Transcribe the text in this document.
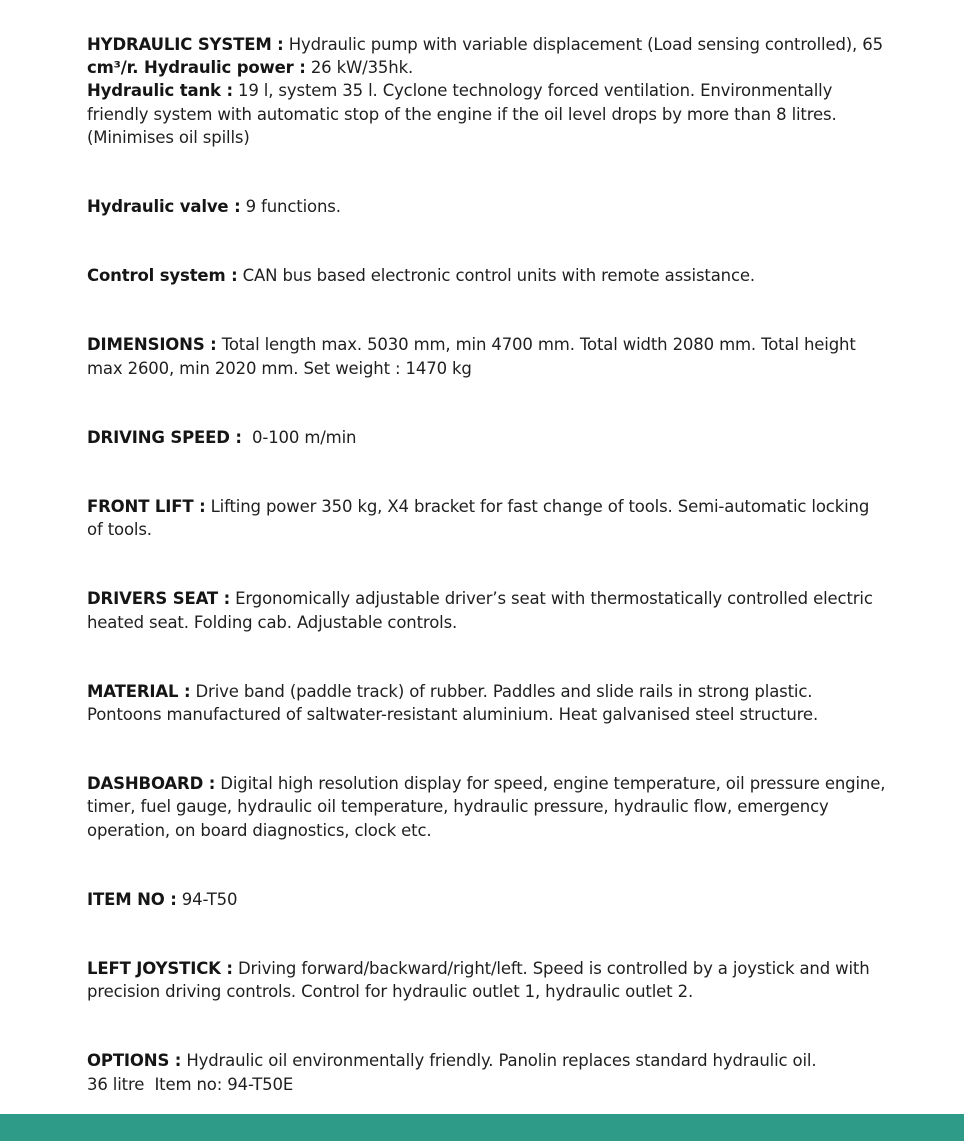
HYDRAULIC SYSTEM : Hydraulic pump with variable displacement (Load sensing controlled), 65 cm³/r. Hydraulic power : 26 kW/35hk.
Hydraulic tank : 19 l, system 35 l. Cyclone technology forced ventilation. Environmentally friendly system with automatic stop of the engine if the oil level drops by more than 8 litres. (Minimises oil spills)

Hydraulic valve : 9 functions.

Control system : CAN bus based electronic control units with remote assistance.

DIMENSIONS : Total length max. 5030 mm, min 4700 mm. Total width 2080 mm. Total height max 2600, min 2020 mm. Set weight : 1470 kg

DRIVING SPEED :  0-100 m/min

FRONT LIFT : Lifting power 350 kg, X4 bracket for fast change of tools. Semi-automatic locking of tools.

DRIVERS SEAT : Ergonomically adjustable driver’s seat with thermostatically controlled electric heated seat. Folding cab. Adjustable controls.

MATERIAL : Drive band (paddle track) of rubber. Paddles and slide rails in strong plastic. Pontoons manufactured of saltwater-resistant aluminium. Heat galvanised steel structure.

DASHBOARD : Digital high resolution display for speed, engine temperature, oil pressure engine, timer, fuel gauge, hydraulic oil temperature, hydraulic pressure, hydraulic flow, emergency operation, on board diagnostics, clock etc.

ITEM NO : 94-T50

LEFT JOYSTICK : Driving forward/backward/right/left. Speed is controlled by a joystick and with precision driving controls. Control for hydraulic outlet 1, hydraulic outlet 2.

OPTIONS : Hydraulic oil environmentally friendly. Panolin replaces standard hydraulic oil.
36 litre  Item no: 94-T50E
